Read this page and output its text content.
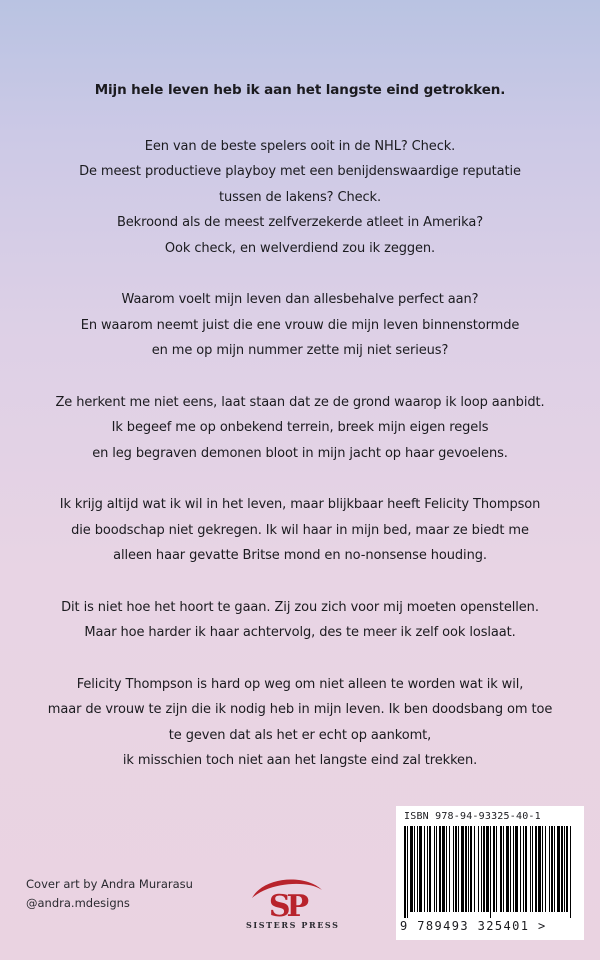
Mijn hele leven heb ik aan het langste eind getrokken.

Een van de beste spelers ooit in de NHL? Check.
De meest productieve playboy met een benijdenswaardige reputatie
tussen de lakens? Check.
Bekroond als de meest zelfverzekerde atleet in Amerika?
Ook check, en welverdiend zou ik zeggen.

Waarom voelt mijn leven dan allesbehalve perfect aan?
En waarom neemt juist die ene vrouw die mijn leven binnenstormde
en me op mijn nummer zette mij niet serieus?

Ze herkent me niet eens, laat staan dat ze de grond waarop ik loop aanbidt.
Ik begeef me op onbekend terrein, breek mijn eigen regels
en leg begraven demonen bloot in mijn jacht op haar gevoelens.

Ik krijg altijd wat ik wil in het leven, maar blijkbaar heeft Felicity Thompson
die boodschap niet gekregen. Ik wil haar in mijn bed, maar ze biedt me
alleen haar gevatte Britse mond en no-nonsense houding.

Dit is niet hoe het hoort te gaan. Zij zou zich voor mij moeten openstellen.
Maar hoe harder ik haar achtervolg, des te meer ik zelf ook loslaat.

Felicity Thompson is hard op weg om niet alleen te worden wat ik wil,
maar de vrouw te zijn die ik nodig heb in mijn leven. Ik ben doodsbang om toe
te geven dat als het er echt op aankomt,
ik misschien toch niet aan het langste eind zal trekken.

ISBN 978-94-93325-40-1
9 789493 325401 >
Cover art by Andra Murarasu
@andra.mdesigns	SP
SISTERS PRESS
